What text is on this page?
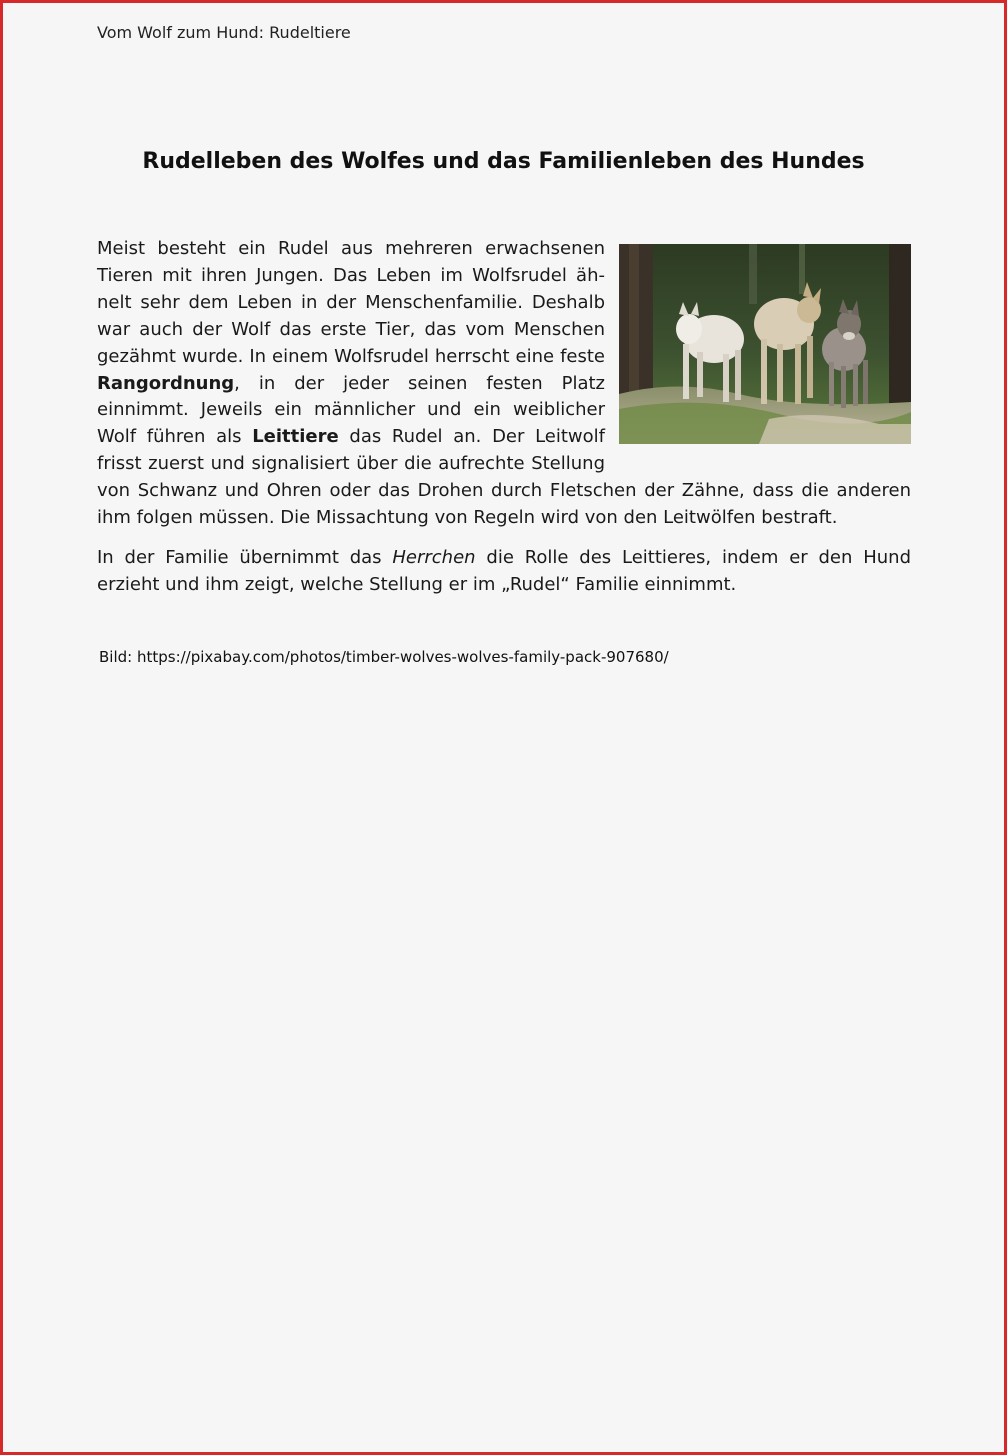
Vom Wolf zum Hund: Rudeltiere
Rudelleben des Wolfes und das Familienleben des Hundes

Meist besteht ein Rudel aus mehreren erwachsenen Tieren mit ihren Jungen. Das Leben im Wolfsrudel ähnelt sehr dem Leben in der Menschenfamilie. Deshalb war auch der Wolf das erste Tier, das vom Menschen gezähmt wurde. In einem Wolfsrudel herrscht eine feste Rangordnung, in der jeder seinen festen Platz einnimmt. Jeweils ein männlicher und ein weiblicher Wolf führen als Leittiere das Rudel an. Der Leitwolf frisst zuerst und signalisiert über die aufrechte Stellung von Schwanz und Ohren oder das Drohen durch Fletschen der Zähne, dass die anderen ihm folgen müssen. Die Missachtung von Regeln wird von den Leitwölfen bestraft.

In der Familie übernimmt das Herrchen die Rolle des Leittieres, indem er den Hund erzieht und ihm zeigt, welche Stellung er im „Rudel“ Familie einnimmt.

Bild: https://pixabay.com/photos/timber-wolves-wolves-family-pack-907680/
